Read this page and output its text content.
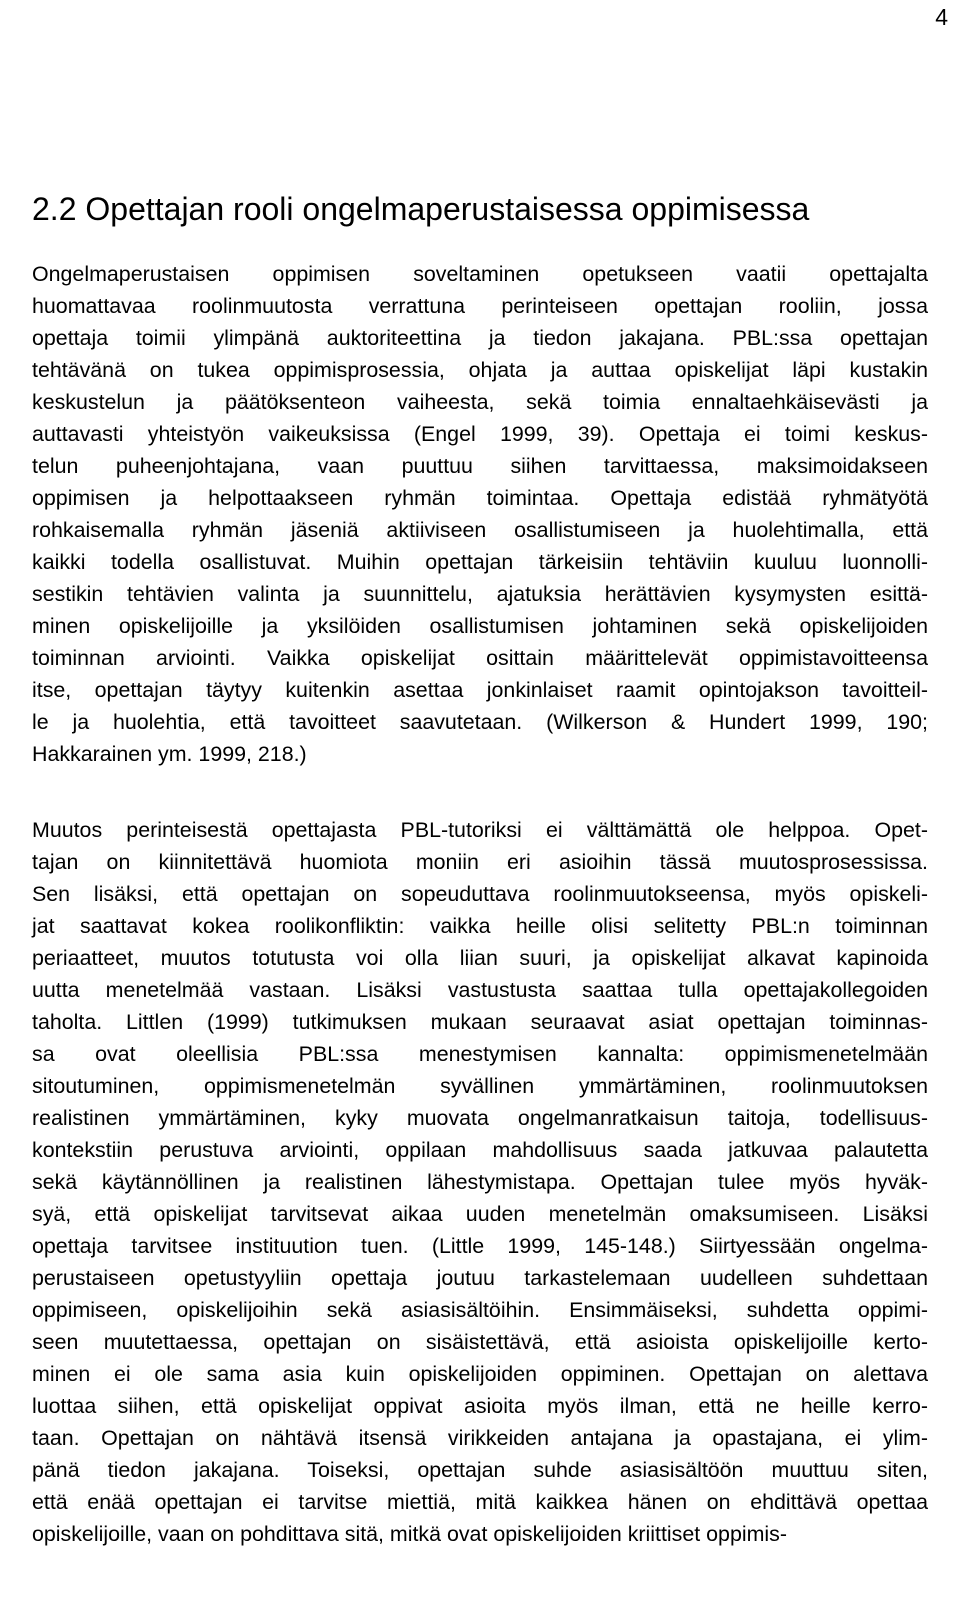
4
2.2 Opettajan rooli ongelmaperustaisessa oppimisessa
Ongelmaperustaisen oppimisen soveltaminen opetukseen vaatii opettajalta
huomattavaa roolinmuutosta verrattuna perinteiseen opettajan rooliin, jossa
opettaja toimii ylimpänä auktoriteettina ja tiedon jakajana. PBL:ssa opettajan
tehtävänä on tukea oppimisprosessia, ohjata ja auttaa opiskelijat läpi kustakin
keskustelun ja päätöksenteon vaiheesta, sekä toimia ennaltaehkäisevästi ja
auttavasti yhteistyön vaikeuksissa (Engel 1999, 39). Opettaja ei toimi keskus-
telun puheenjohtajana, vaan puuttuu siihen tarvittaessa, maksimoidakseen
oppimisen ja helpottaakseen ryhmän toimintaa. Opettaja edistää ryhmätyötä
rohkaisemalla ryhmän jäseniä aktiiviseen osallistumiseen ja huolehtimalla, että
kaikki todella osallistuvat. Muihin opettajan tärkeisiin tehtäviin kuuluu luonnolli-
sestikin tehtävien valinta ja suunnittelu, ajatuksia herättävien kysymysten esittä-
minen opiskelijoille ja yksilöiden osallistumisen johtaminen sekä opiskelijoiden
toiminnan arviointi. Vaikka opiskelijat osittain määrittelevät oppimistavoitteensa
itse, opettajan täytyy kuitenkin asettaa jonkinlaiset raamit opintojakson tavoitteil-
le ja huolehtia, että tavoitteet saavutetaan. (Wilkerson & Hundert 1999, 190;
Hakkarainen ym. 1999, 218.)
Muutos perinteisestä opettajasta PBL-tutoriksi ei välttämättä ole helppoa. Opet-
tajan on kiinnitettävä huomiota moniin eri asioihin tässä muutosprosessissa.
Sen lisäksi, että opettajan on sopeuduttava roolinmuutokseensa, myös opiskeli-
jat saattavat kokea roolikonfliktin: vaikka heille olisi selitetty PBL:n toiminnan
periaatteet, muutos totutusta voi olla liian suuri, ja opiskelijat alkavat kapinoida
uutta menetelmää vastaan. Lisäksi vastustusta saattaa tulla opettajakollegoiden
taholta. Littlen (1999) tutkimuksen mukaan seuraavat asiat opettajan toiminnas-
sa ovat oleellisia PBL:ssa menestymisen kannalta: oppimismenetelmään
sitoutuminen, oppimismenetelmän syvällinen ymmärtäminen, roolinmuutoksen
realistinen ymmärtäminen, kyky muovata ongelmanratkaisun taitoja, todellisuus-
kontekstiin perustuva arviointi, oppilaan mahdollisuus saada jatkuvaa palautetta
sekä käytännöllinen ja realistinen lähestymistapa. Opettajan tulee myös hyväk-
syä, että opiskelijat tarvitsevat aikaa uuden menetelmän omaksumiseen. Lisäksi
opettaja tarvitsee instituution tuen. (Little 1999, 145-148.) Siirtyessään ongelma-
perustaiseen opetustyyliin opettaja joutuu tarkastelemaan uudelleen suhdettaan
oppimiseen, opiskelijoihin sekä asiasisältöihin. Ensimmäiseksi, suhdetta oppimi-
seen muutettaessa, opettajan on sisäistettävä, että asioista opiskelijoille kerto-
minen ei ole sama asia kuin opiskelijoiden oppiminen. Opettajan on alettava
luottaa siihen, että opiskelijat oppivat asioita myös ilman, että ne heille kerro-
taan. Opettajan on nähtävä itsensä virikkeiden antajana ja opastajana, ei ylim-
pänä tiedon jakajana. Toiseksi, opettajan suhde asiasisältöön muuttuu siten,
että enää opettajan ei tarvitse miettiä, mitä kaikkea hänen on ehdittävä opettaa
opiskelijoille, vaan on pohdittava sitä, mitkä ovat opiskelijoiden kriittiset oppimis-
